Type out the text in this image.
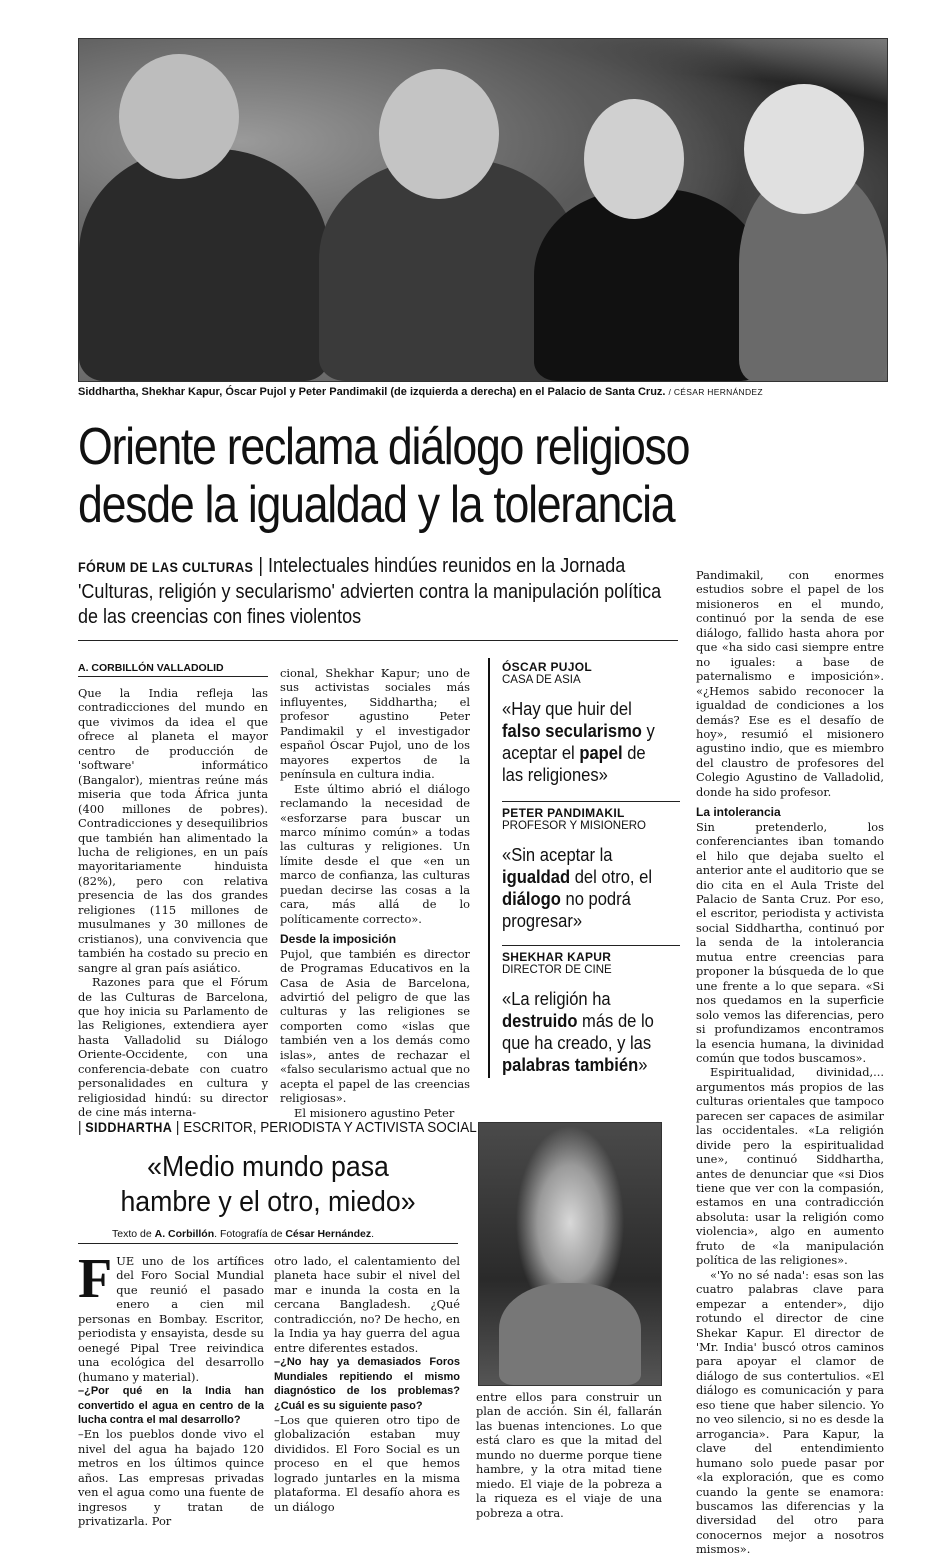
Siddhartha, Shekhar Kapur, Óscar Pujol y Peter Pandimakil (de izquierda a derecha) en el Palacio de Santa Cruz. / CÉSAR HERNÁNDEZ
Oriente reclama diálogo religioso
desde la igualdad y la tolerancia
FÓRUM DE LAS CULTURAS | Intelectuales hindúes reunidos en la Jornada 'Culturas, religión y secularismo' advierten contra la manipulación política de las creencias con fines violentos
A. CORBILLÓN VALLADOLID

Que la India refleja las contradicciones del mundo en que vivimos da idea el que ofrece al planeta el mayor centro de producción de 'software' informático (Bangalor), mientras reúne más miseria que toda África junta (400 millones de pobres). Contradicciones y desequilibrios que también han alimentado la lucha de religiones, en un país mayoritariamente hinduista (82%), pero con relativa presencia de las dos grandes religiones (115 millones de musulmanes y 30 millones de cristianos), una convivencia que también ha costado su precio en sangre al gran país asiático.

Razones para que el Fórum de las Culturas de Barcelona, que hoy inicia su Parlamento de las Religiones, extendiera ayer hasta Valladolid su Diálogo Oriente-Occidente, con una conferencia-debate con cuatro personalidades en cultura y religiosidad hindú: su director de cine más interna-

cional, Shekhar Kapur; uno de sus activistas sociales más influyentes, Siddhartha; el profesor agustino Peter Pandimakil y el investigador español Óscar Pujol, uno de los mayores expertos de la península en cultura india.

Este último abrió el diálogo reclamando la necesidad de «esforzarse para buscar un marco mínimo común» a todas las culturas y religiones. Un límite desde el que «en un marco de confianza, las culturas puedan decirse las cosas a la cara, más allá de lo políticamente correcto».

Desde la imposición

Pujol, que también es director de Programas Educativos en la Casa de Asia de Barcelona, advirtió del peligro de que las culturas y las religiones se comporten como «islas que también ven a los demás como islas», antes de rechazar el «falso secularismo actual que no acepta el papel de las creencias religiosas».

El misionero agustino Peter

ÓSCAR PUJOL
CASA DE ASIA
«Hay que huir del falso secularismo y aceptar el papel de las religiones»
PETER PANDIMAKIL
PROFESOR Y MISIONERO
«Sin aceptar la igualdad del otro, el diálogo no podrá progresar»
SHEKHAR KAPUR
DIRECTOR DE CINE
«La religión ha destruido más de lo que ha creado, y las palabras también»

Pandimakil, con enormes estudios sobre el papel de los misioneros en el mundo, continuó por la senda de ese diálogo, fallido hasta ahora por que «ha sido casi siempre entre no iguales: a base de paternalismo e imposición». «¿Hemos sabido reconocer la igualdad de condiciones a los demás? Ese es el desafío de hoy», resumió el misionero agustino indio, que es miembro del claustro de profesores del Colegio Agustino de Valladolid, donde ha sido profesor.

La intolerancia

Sin pretenderlo, los conferenciantes iban tomando el hilo que dejaba suelto el anterior ante el auditorio que se dio cita en el Aula Triste del Palacio de Santa Cruz. Por eso, el escritor, periodista y activista social Siddhartha, continuó por la senda de la intolerancia mutua entre creencias para proponer la búsqueda de lo que une frente a lo que separa. «Si nos quedamos en la superficie solo vemos las diferencias, pero si profundizamos encontramos la esencia humana, la divinidad común que todos buscamos».

Espiritualidad, divinidad,... argumentos más propios de las culturas orientales que tampoco parecen ser capaces de asimilar las occidentales. «La religión divide pero la espiritualidad une», continuó Siddhartha, antes de denunciar que «si Dios tiene que ver con la compasión, estamos en una contradicción absoluta: usar la religión como violencia», algo en aumento fruto de «la manipulación política de las religiones».

«'Yo no sé nada': esas son las cuatro palabras clave para empezar a entender», dijo rotundo el director de cine Shekar Kapur. El director de 'Mr. India' buscó otros caminos para apoyar el clamor de diálogo de sus contertulios. «El diálogo es comunicación y para eso tiene que haber silencio. Yo no veo silencio, si no es desde la arrogancia». Para Kapur, la clave del entendimiento humano solo puede pasar por «la exploración, que es como cuando la gente se enamora: buscamos las diferencias y la diversidad del otro para conocernos mejor a nosotros mismos».

| SIDDHARTHA | ESCRITOR, PERIODISTA Y ACTIVISTA SOCIAL
«Medio mundo pasa
hambre y el otro, miedo»
Texto de A. Corbillón. Fotografía de César Hernández.
F UE uno de los artífices del Foro Social Mundial que reunió el pasado enero a cien mil personas en Bombay. Escritor, periodista y ensayista, desde su oenegé Pipal Tree reivindica una ecológica del desarrollo (humano y material).

–¿Por qué en la India han convertido el agua en centro de la lucha contra el mal desarrollo?

–En los pueblos donde vivo el nivel del agua ha bajado 120 metros en los últimos quince años. Las empresas privadas ven el agua como una fuente de ingresos y tratan de privatizarla. Por

otro lado, el calentamiento del planeta hace subir el nivel del mar e inunda la costa en la cercana Bangladesh. ¿Qué contradicción, no? De hecho, en la India ya hay guerra del agua entre diferentes estados.

–¿No hay ya demasiados Foros Mundiales repitiendo el mismo diagnóstico de los problemas? ¿Cuál es su siguiente paso?

–Los que quieren otro tipo de globalización estaban muy divididos. El Foro Social es un proceso en el que hemos logrado juntarles en la misma plataforma. El desafío ahora es un diálogo

entre ellos para construir un plan de acción. Sin él, fallarán las buenas intenciones. Lo que está claro es que la mitad del mundo no duerme porque tiene hambre, y la otra mitad tiene miedo. El viaje de la pobreza a la riqueza es el viaje de una pobreza a otra.
